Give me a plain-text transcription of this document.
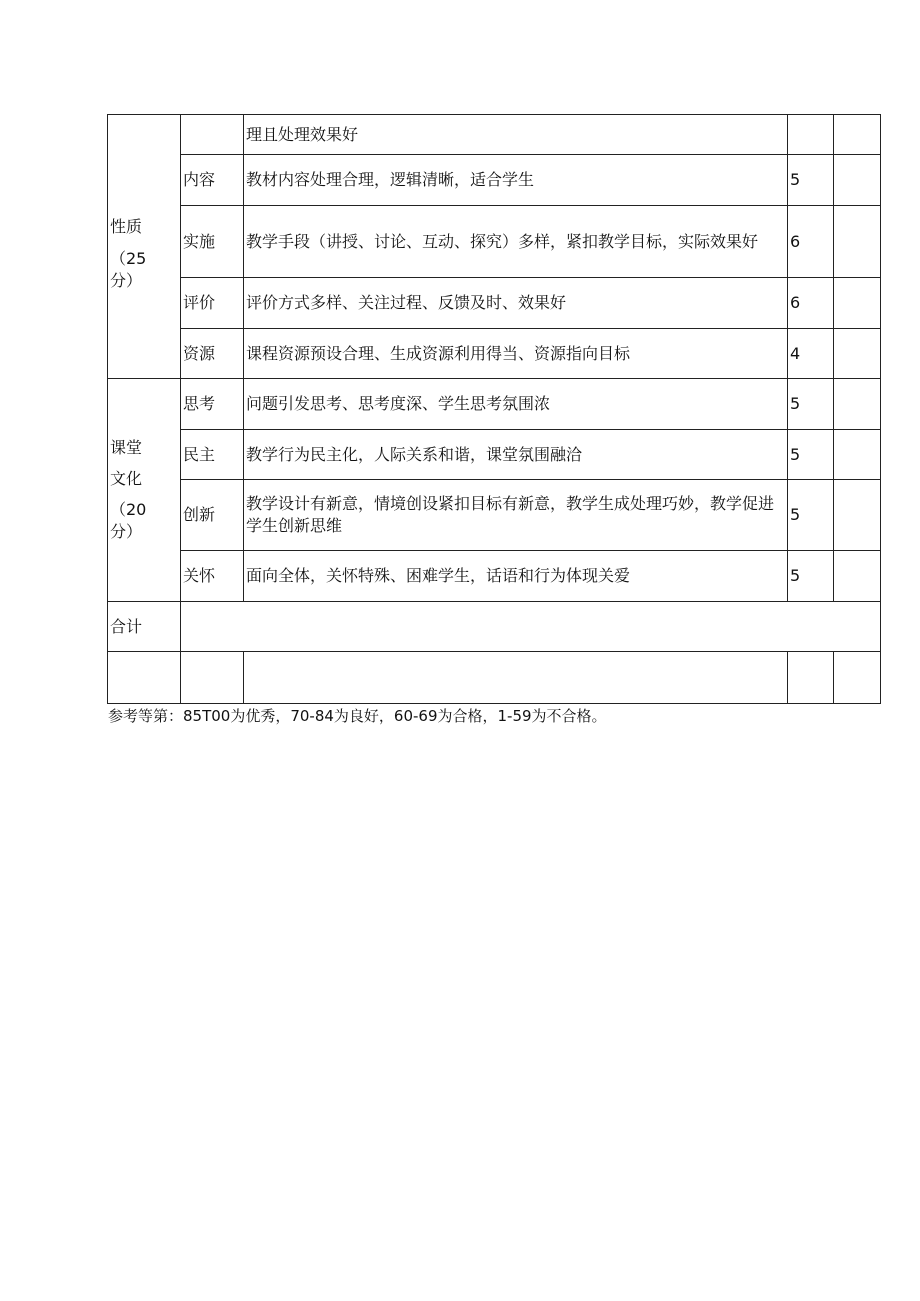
性质
（25
分）		理且处理效果好		
	内容	教材内容处理合理，逻辑清晰，适合学生	5	
	实施	教学手段（讲授、讨论、互动、探究）多样，紧扣教学目标，实际效果好	6	
	评价	评价方式多样、关注过程、反馈及时、效果好	6	
	资源	课程资源预设合理、生成资源利用得当、资源指向目标	4	

课堂
文化
（20
分）	思考	问题引发思考、思考度深、学生思考氛围浓	5	
	民主	教学行为民主化，人际关系和谐，课堂氛围融洽	5	
	创新	教学设计有新意，情境创设紧扣目标有新意，教学生成处理巧妙，教学促进学生创新思维	5	
	关怀	面向全体，关怀特殊、困难学生，话语和行为体现关爱	5	
合计				

参考等第：85T00为优秀，70-84为良好，60-69为合格，1-59为不合格。
